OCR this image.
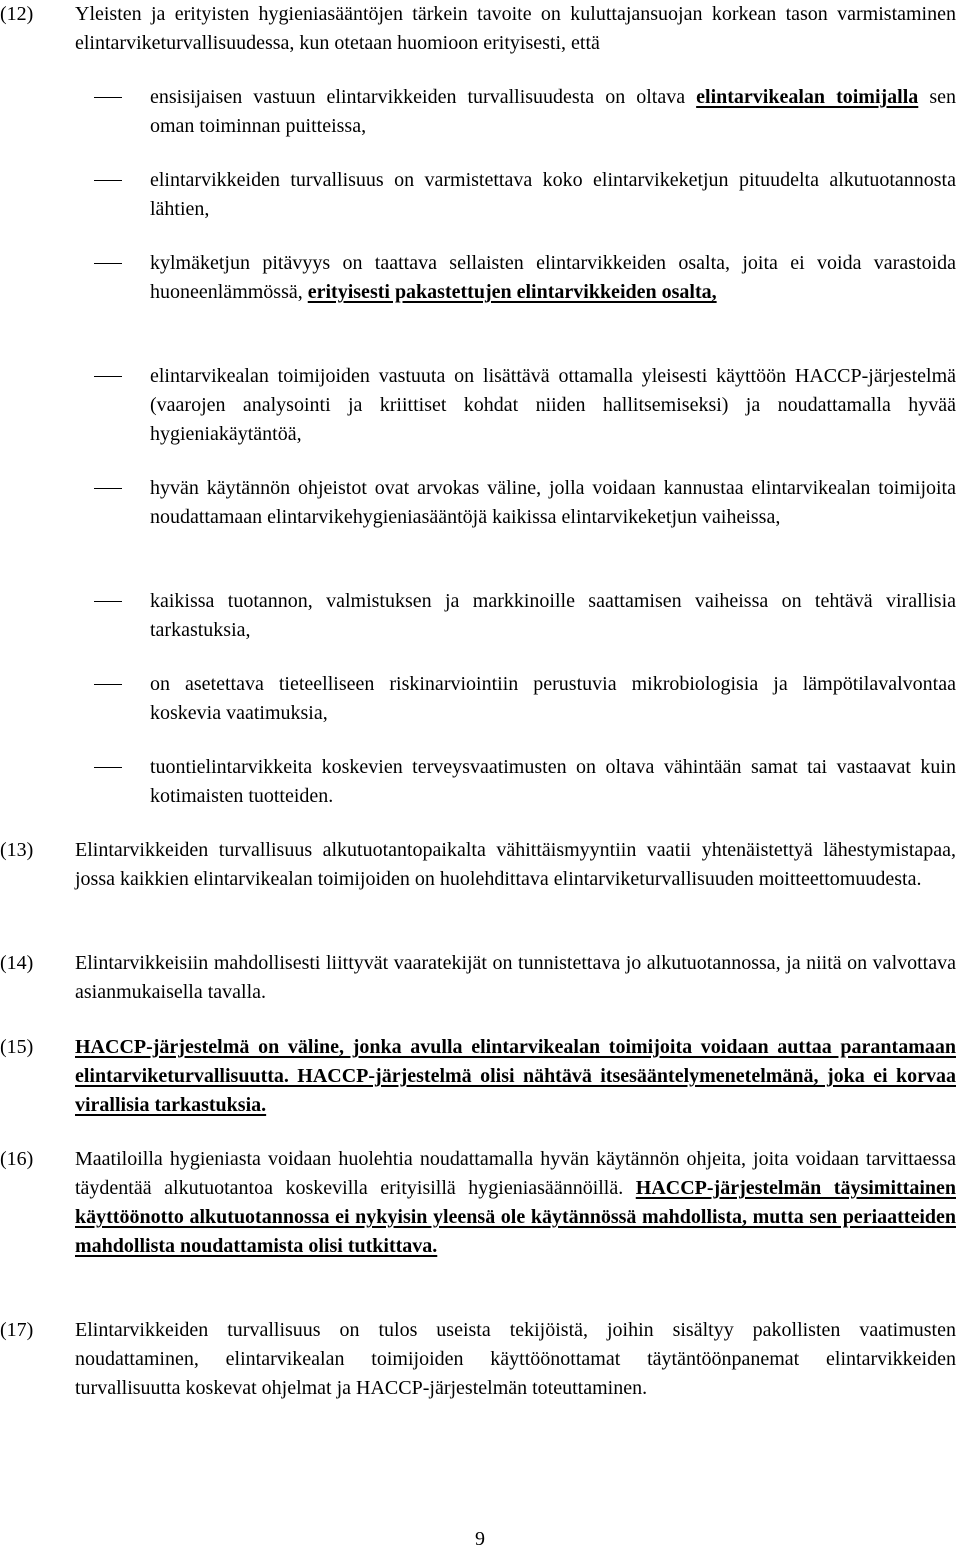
(12)	Yleisten ja erityisten hygieniasääntöjen tärkein tavoite on kuluttajansuojan korkean tason varmistaminen elintarviketurvallisuudessa, kun otetaan huomioon erityisesti, että
ensisijaisen vastuun elintarvikkeiden turvallisuudesta on oltava elintarvikealan toimijalla sen oman toiminnan puitteissa,
elintarvikkeiden turvallisuus on varmistettava koko elintarvikeketjun pituudelta alkutuotannosta lähtien,
kylmäketjun pitävyys on taattava sellaisten elintarvikkeiden osalta, joita ei voida varastoida huoneenlämmössä, erityisesti pakastettujen elintarvikkeiden osalta,
elintarvikealan toimijoiden vastuuta on lisättävä ottamalla yleisesti käyttöön HACCP-järjestelmä (vaarojen analysointi ja kriittiset kohdat niiden hallitsemiseksi) ja noudattamalla hyvää hygieniakäytäntöä,
hyvän käytännön ohjeistot ovat arvokas väline, jolla voidaan kannustaa elintarvikealan toimijoita noudattamaan elintarvikehygieniasääntöjä kaikissa elintarvikeketjun vaiheissa,
kaikissa tuotannon, valmistuksen ja markkinoille saattamisen vaiheissa on tehtävä virallisia tarkastuksia,
on asetettava tieteelliseen riskinarviointiin perustuvia mikrobiologisia ja lämpötilavalvontaa koskevia vaatimuksia,
tuontielintarvikkeita koskevien terveysvaatimusten on oltava vähintään samat tai vastaavat kuin kotimaisten tuotteiden.
(13)	Elintarvikkeiden turvallisuus alkutuotantopaikalta vähittäismyyntiin vaatii yhtenäistettyä lähestymistapaa, jossa kaikkien elintarvikealan toimijoiden on huolehdittava elintarviketurvallisuuden moitteettomuudesta.
(14)	Elintarvikkeisiin mahdollisesti liittyvät vaaratekijät on tunnistettava jo alkutuotannossa, ja niitä on valvottava asianmukaisella tavalla.
(15)	HACCP-järjestelmä on väline, jonka avulla elintarvikealan toimijoita voidaan auttaa parantamaan elintarviketurvallisuutta. HACCP-järjestelmä olisi nähtävä itsesääntelymenetelmänä, joka ei korvaa virallisia tarkastuksia.
(16)	Maatiloilla hygieniasta voidaan huolehtia noudattamalla hyvän käytännön ohjeita, joita voidaan tarvittaessa täydentää alkutuotantoa koskevilla erityisillä hygieniasäännöillä. HACCP-järjestelmän täysimittainen käyttöönotto alkutuotannossa ei nykyisin yleensä ole käytännössä mahdollista, mutta sen periaatteiden mahdollista noudattamista olisi tutkittava.
(17)	Elintarvikkeiden turvallisuus on tulos useista tekijöistä, joihin sisältyy pakollisten vaatimusten noudattaminen, elintarvikealan toimijoiden käyttöönottamat täytäntöönpanemat elintarvikkeiden turvallisuutta koskevat ohjelmat ja HACCP-järjestelmän toteuttaminen.
9
